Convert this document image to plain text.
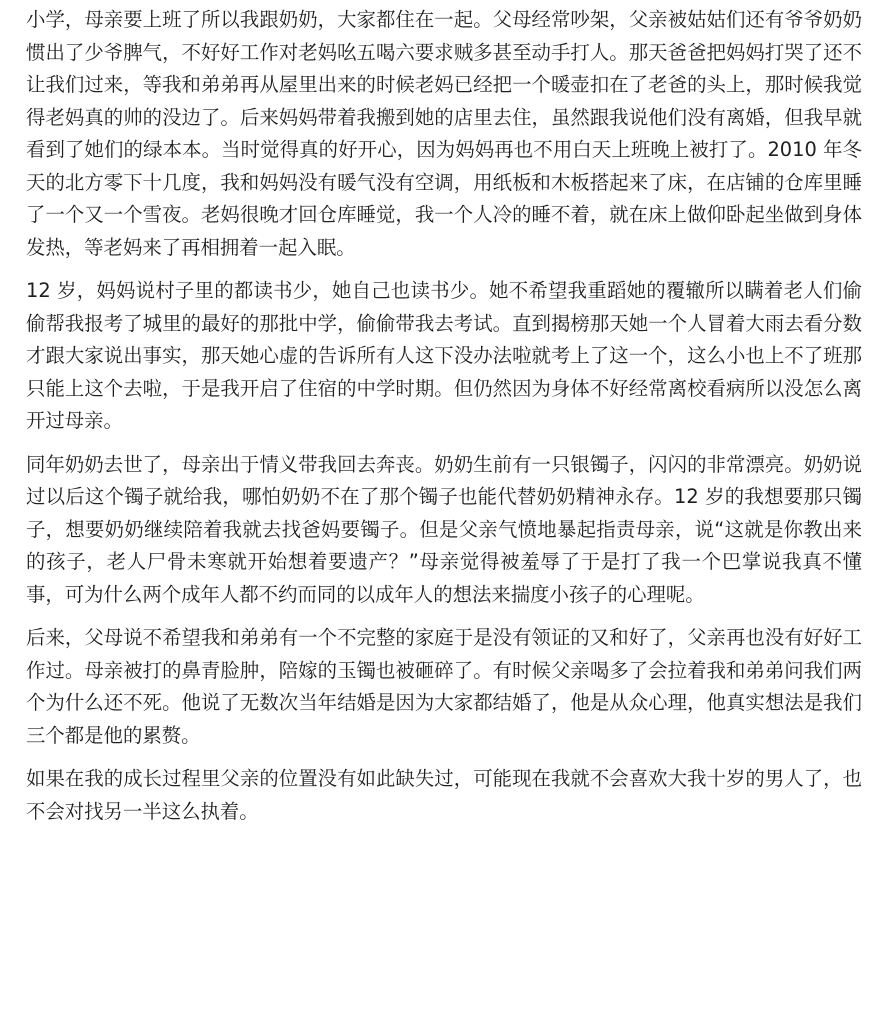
小学，母亲要上班了所以我跟奶奶，大家都住在一起。父母经常吵架，父亲被姑姑们还有爷爷奶奶惯出了少爷脾气，不好好工作对老妈吆五喝六要求贼多甚至动手打人。那天爸爸把妈妈打哭了还不让我们过来，等我和弟弟再从屋里出来的时候老妈已经把一个暖壶扣在了老爸的头上，那时候我觉得老妈真的帅的没边了。后来妈妈带着我搬到她的店里去住，虽然跟我说他们没有离婚，但我早就看到了她们的绿本本。当时觉得真的好开心，因为妈妈再也不用白天上班晚上被打了。2010 年冬天的北方零下十几度，我和妈妈没有暖气没有空调，用纸板和木板搭起来了床，在店铺的仓库里睡了一个又一个雪夜。老妈很晚才回仓库睡觉，我一个人冷的睡不着，就在床上做仰卧起坐做到身体发热，等老妈来了再相拥着一起入眠。

12 岁，妈妈说村子里的都读书少，她自己也读书少。她不希望我重蹈她的覆辙所以瞒着老人们偷偷帮我报考了城里的最好的那批中学，偷偷带我去考试。直到揭榜那天她一个人冒着大雨去看分数才跟大家说出事实，那天她心虚的告诉所有人这下没办法啦就考上了这一个，这么小也上不了班那只能上这个去啦，于是我开启了住宿的中学时期。但仍然因为身体不好经常离校看病所以没怎么离开过母亲。

同年奶奶去世了，母亲出于情义带我回去奔丧。奶奶生前有一只银镯子，闪闪的非常漂亮。奶奶说过以后这个镯子就给我，哪怕奶奶不在了那个镯子也能代替奶奶精神永存。12 岁的我想要那只镯子，想要奶奶继续陪着我就去找爸妈要镯子。但是父亲气愤地暴起指责母亲，说“这就是你教出来的孩子，老人尸骨未寒就开始想着要遗产？”母亲觉得被羞辱了于是打了我一个巴掌说我真不懂事，可为什么两个成年人都不约而同的以成年人的想法来揣度小孩子的心理呢。

后来，父母说不希望我和弟弟有一个不完整的家庭于是没有领证的又和好了，父亲再也没有好好工作过。母亲被打的鼻青脸肿，陪嫁的玉镯也被砸碎了。有时候父亲喝多了会拉着我和弟弟问我们两个为什么还不死。他说了无数次当年结婚是因为大家都结婚了，他是从众心理，他真实想法是我们三个都是他的累赘。

如果在我的成长过程里父亲的位置没有如此缺失过，可能现在我就不会喜欢大我十岁的男人了，也不会对找另一半这么执着。
